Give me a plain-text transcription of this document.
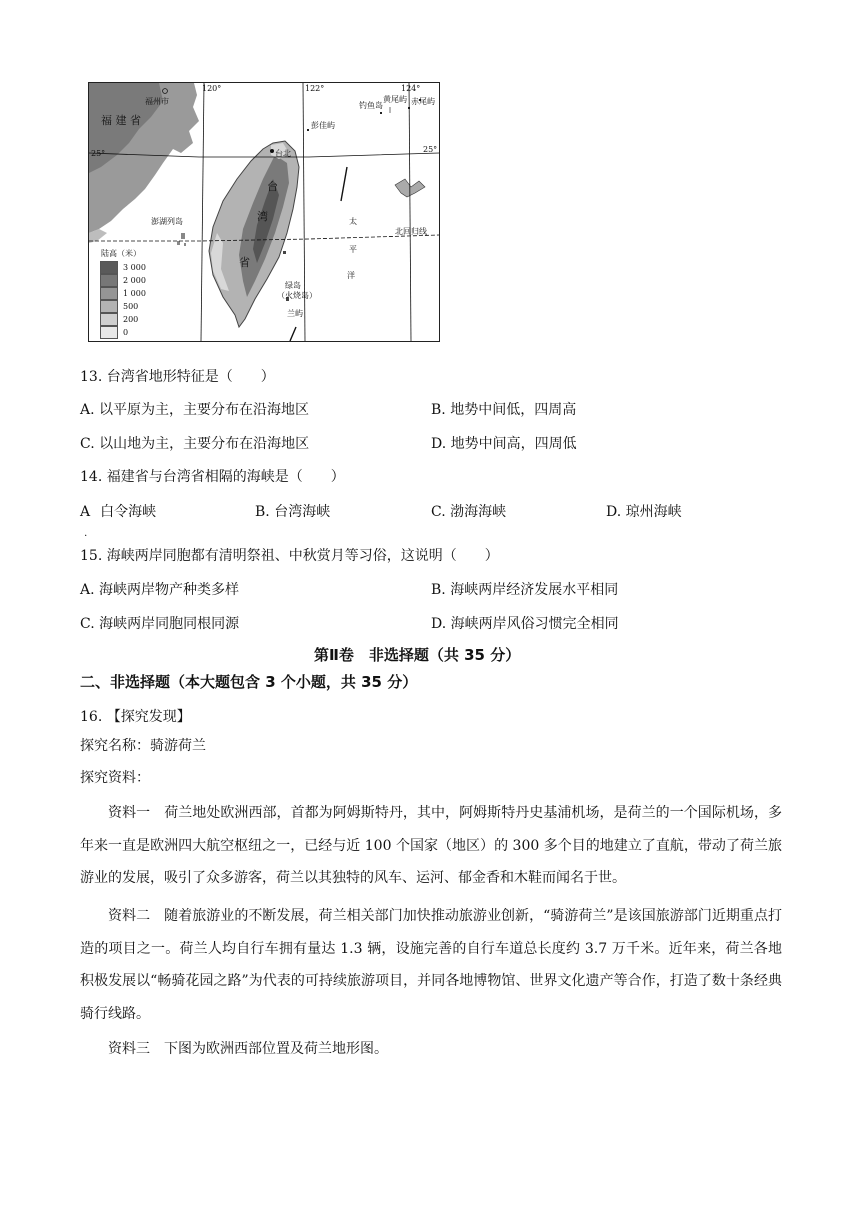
120°	122°	124°
25°	25°
福州市
福 建 省
台北
台
湾
省
彭佳屿
黄尾屿
钓鱼岛	赤尾屿
澎湖列岛	太
平
洋
北回归线
绿岛
（火烧岛）
兰屿
陆高（米）
3 000
2 000
1 000
500
200
0
13. 台湾省地形特征是（　　）
A. 以平原为主，主要分布在沿海地区	B. 地势中间低，四周高
C. 以山地为主，主要分布在沿海地区	D. 地势中间高，四周低
14. 福建省与台湾省相隔的海峡是（　　）
A
·
白令海峡	B. 台湾海峡	C. 渤海海峡	D. 琼州海峡
15. 海峡两岸同胞都有清明祭祖、中秋赏月等习俗，这说明（　　）
A. 海峡两岸物产种类多样	B. 海峡两岸经济发展水平相同
C. 海峡两岸同胞同根同源	D. 海峡两岸风俗习惯完全相同
第Ⅱ卷　非选择题（共 35 分）
二、非选择题（本大题包含 3 个小题，共 35 分）
16. 【探究发现】
探究名称：骑游荷兰
探究资料：
资料一　荷兰地处欧洲西部，首都为阿姆斯特丹，其中，阿姆斯特丹史基浦机场，是荷兰的一个国际机场，多年来一直是欧洲四大航空枢纽之一，已经与近 100 个国家（地区）的 300 多个目的地建立了直航，带动了荷兰旅游业的发展，吸引了众多游客，荷兰以其独特的风车、运河、郁金香和木鞋而闻名于世。
资料二　随着旅游业的不断发展，荷兰相关部门加快推动旅游业创新，“骑游荷兰”是该国旅游部门近期重点打造的项目之一。荷兰人均自行车拥有量达 1.3 辆，设施完善的自行车道总长度约 3.7 万千米。近年来，荷兰各地积极发展以“畅骑花园之路”为代表的可持续旅游项目，并同各地博物馆、世界文化遗产等合作，打造了数十条经典骑行线路。
资料三　下图为欧洲西部位置及荷兰地形图。
